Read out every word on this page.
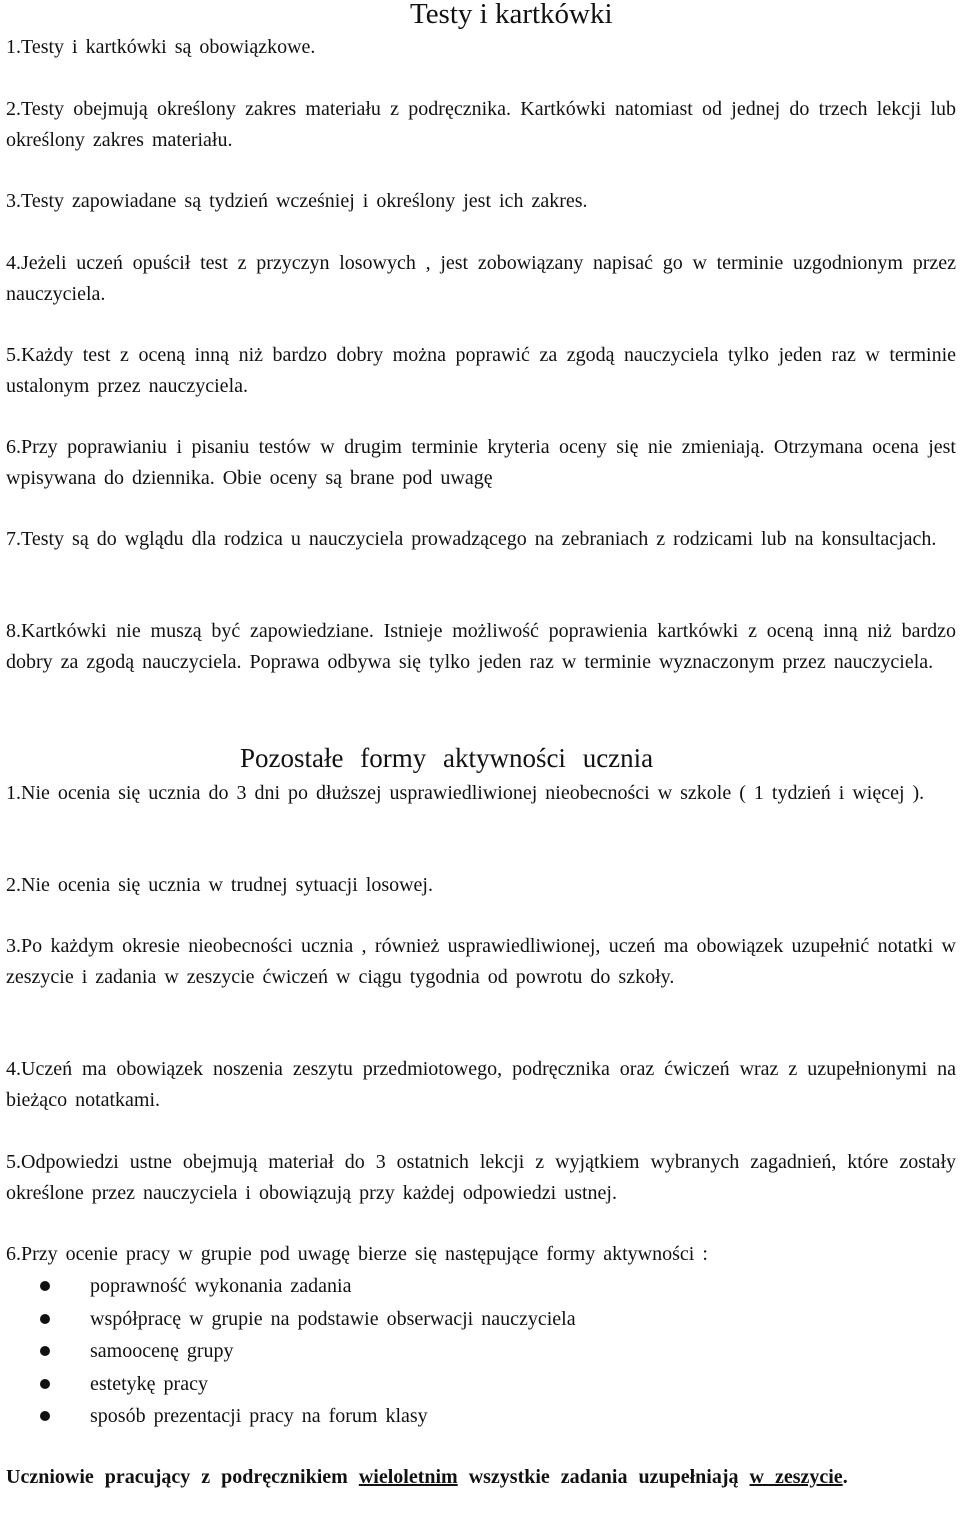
Testy i kartkówki
1.Testy i kartkówki są obowiązkowe.
2.Testy obejmują określony zakres materiału z podręcznika. Kartkówki natomiast od jednej do trzech lekcji lub określony zakres materiału.
3.Testy zapowiadane są tydzień wcześniej i określony jest ich zakres.
4.Jeżeli uczeń opuścił test z przyczyn losowych , jest zobowiązany napisać go w terminie uzgodnionym przez nauczyciela.
5.Każdy test z oceną inną niż bardzo dobry można poprawić za zgodą nauczyciela tylko jeden raz w terminie ustalonym przez nauczyciela.
6.Przy poprawianiu i pisaniu testów w drugim terminie kryteria oceny się nie zmieniają. Otrzymana ocena jest wpisywana do dziennika. Obie oceny są brane pod uwagę
7.Testy są do wglądu dla rodzica u nauczyciela prowadzącego na zebraniach z rodzicami lub na konsultacjach.
8.Kartkówki nie muszą być zapowiedziane. Istnieje możliwość poprawienia kartkówki z oceną inną niż bardzo dobry za zgodą nauczyciela. Poprawa odbywa się tylko jeden raz w terminie wyznaczonym przez nauczyciela.
Pozostałe formy aktywności ucznia
1.Nie ocenia się ucznia do 3 dni po dłuższej usprawiedliwionej nieobecności w szkole ( 1 tydzień i więcej ).
2.Nie ocenia się ucznia w trudnej sytuacji losowej.
3.Po każdym okresie nieobecności ucznia , również usprawiedliwionej, uczeń ma obowiązek uzupełnić notatki w zeszycie i zadania w zeszycie ćwiczeń w ciągu tygodnia od powrotu do szkoły.
4.Uczeń ma obowiązek noszenia zeszytu przedmiotowego, podręcznika oraz ćwiczeń wraz z uzupełnionymi na bieżąco notatkami.
5.Odpowiedzi ustne obejmują materiał do 3 ostatnich lekcji z wyjątkiem wybranych zagadnień, które zostały określone przez nauczyciela i obowiązują przy każdej odpowiedzi ustnej.
6.Przy ocenie pracy w grupie pod uwagę bierze się następujące formy aktywności :
poprawność wykonania zadania
współpracę w grupie na podstawie obserwacji nauczyciela
samoocenę grupy
estetykę pracy
sposób prezentacji pracy na forum klasy
Uczniowie pracujący z podręcznikiem wieloletnim wszystkie zadania uzupełniają w zeszycie.
